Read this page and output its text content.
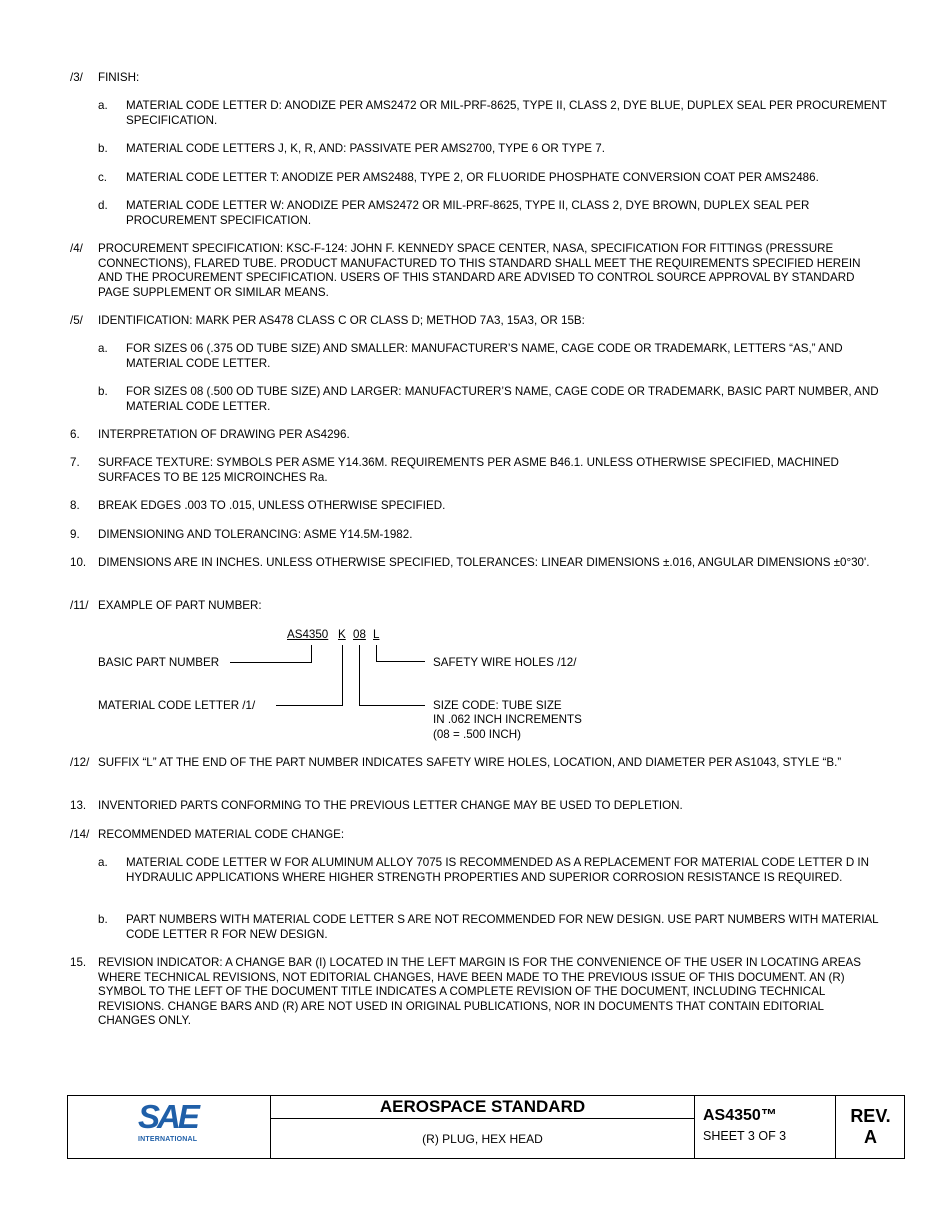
/3/ FINISH:
a. MATERIAL CODE LETTER D: ANODIZE PER AMS2472 OR MIL-PRF-8625, TYPE II, CLASS 2, DYE BLUE, DUPLEX SEAL PER PROCUREMENT SPECIFICATION.
b. MATERIAL CODE LETTERS J, K, R, AND: PASSIVATE PER AMS2700, TYPE 6 OR TYPE 7.
c. MATERIAL CODE LETTER T: ANODIZE PER AMS2488, TYPE 2, OR FLUORIDE PHOSPHATE CONVERSION COAT PER AMS2486.
d. MATERIAL CODE LETTER W: ANODIZE PER AMS2472 OR MIL-PRF-8625, TYPE II, CLASS 2, DYE BROWN, DUPLEX SEAL PER PROCUREMENT SPECIFICATION.
/4/ PROCUREMENT SPECIFICATION: KSC-F-124: JOHN F. KENNEDY SPACE CENTER, NASA, SPECIFICATION FOR FITTINGS (PRESSURE CONNECTIONS), FLARED TUBE. PRODUCT MANUFACTURED TO THIS STANDARD SHALL MEET THE REQUIREMENTS SPECIFIED HEREIN AND THE PROCUREMENT SPECIFICATION. USERS OF THIS STANDARD ARE ADVISED TO CONTROL SOURCE APPROVAL BY STANDARD PAGE SUPPLEMENT OR SIMILAR MEANS.
/5/ IDENTIFICATION: MARK PER AS478 CLASS C OR CLASS D; METHOD 7A3, 15A3, OR 15B:
a. FOR SIZES 06 (.375 OD TUBE SIZE) AND SMALLER: MANUFACTURER’S NAME, CAGE CODE OR TRADEMARK, LETTERS “AS,” AND MATERIAL CODE LETTER.
b. FOR SIZES 08 (.500 OD TUBE SIZE) AND LARGER: MANUFACTURER’S NAME, CAGE CODE OR TRADEMARK, BASIC PART NUMBER, AND MATERIAL CODE LETTER.
6. INTERPRETATION OF DRAWING PER AS4296.
7. SURFACE TEXTURE: SYMBOLS PER ASME Y14.36M. REQUIREMENTS PER ASME B46.1. UNLESS OTHERWISE SPECIFIED, MACHINED SURFACES TO BE 125 MICROINCHES Ra.
8. BREAK EDGES .003 TO .015, UNLESS OTHERWISE SPECIFIED.
9. DIMENSIONING AND TOLERANCING: ASME Y14.5M-1982.
10. DIMENSIONS ARE IN INCHES. UNLESS OTHERWISE SPECIFIED, TOLERANCES: LINEAR DIMENSIONS ±.016, ANGULAR DIMENSIONS ±0°30'.
/11/ EXAMPLE OF PART NUMBER:
AS4350 K 08 L
BASIC PART NUMBER
MATERIAL CODE LETTER /1/
SAFETY WIRE HOLES /12/
SIZE CODE: TUBE SIZE
IN .062 INCH INCREMENTS
(08 = .500 INCH)
/12/ SUFFIX “L” AT THE END OF THE PART NUMBER INDICATES SAFETY WIRE HOLES, LOCATION, AND DIAMETER PER AS1043, STYLE “B.”
13. INVENTORIED PARTS CONFORMING TO THE PREVIOUS LETTER CHANGE MAY BE USED TO DEPLETION.
/14/ RECOMMENDED MATERIAL CODE CHANGE:
a. MATERIAL CODE LETTER W FOR ALUMINUM ALLOY 7075 IS RECOMMENDED AS A REPLACEMENT FOR MATERIAL CODE LETTER D IN HYDRAULIC APPLICATIONS WHERE HIGHER STRENGTH PROPERTIES AND SUPERIOR CORROSION RESISTANCE IS REQUIRED.
b. PART NUMBERS WITH MATERIAL CODE LETTER S ARE NOT RECOMMENDED FOR NEW DESIGN. USE PART NUMBERS WITH MATERIAL CODE LETTER R FOR NEW DESIGN.
15. REVISION INDICATOR: A CHANGE BAR (I) LOCATED IN THE LEFT MARGIN IS FOR THE CONVENIENCE OF THE USER IN LOCATING AREAS WHERE TECHNICAL REVISIONS, NOT EDITORIAL CHANGES, HAVE BEEN MADE TO THE PREVIOUS ISSUE OF THIS DOCUMENT. AN (R) SYMBOL TO THE LEFT OF THE DOCUMENT TITLE INDICATES A COMPLETE REVISION OF THE DOCUMENT, INCLUDING TECHNICAL REVISIONS. CHANGE BARS AND (R) ARE NOT USED IN ORIGINAL PUBLICATIONS, NOR IN DOCUMENTS THAT CONTAIN EDITORIAL CHANGES ONLY.
SAE
INTERNATIONAL
AEROSPACE STANDARD
(R) PLUG, HEX HEAD
AS4350™
SHEET 3 OF 3
REV.
A
